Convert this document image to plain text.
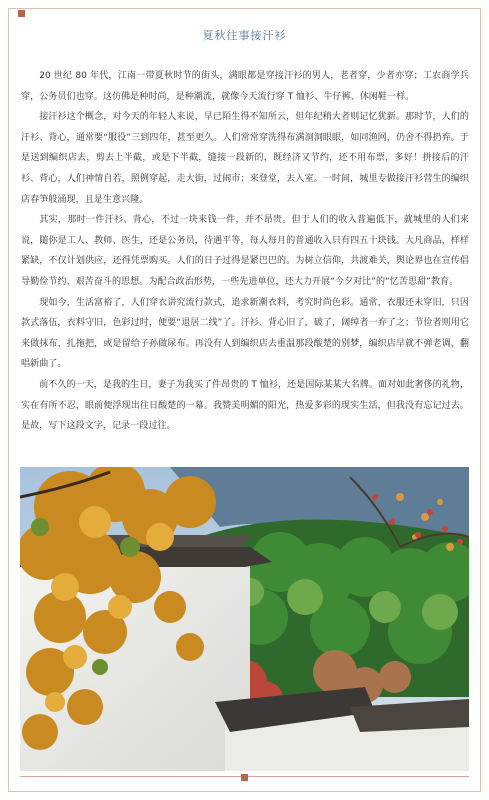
夏秋往事接汗衫

20 世纪 80 年代，江南一带夏秋时节的街头，满眼都是穿接汗衫的男人，老者穿，少者亦穿；工农商学兵穿，公务员们也穿。这仿佛是种时尚，是种潮流，就像今天流行穿 T 恤衫、牛仔裤、休闲鞋一样。

接汗衫这个概念，对今天的年轻人来说，早已陌生得不知所云，但年纪稍大者则记忆犹新。那时节，人们的汗衫、背心，通常要“服役”三到四年，甚至更久。人们常常穿洗得布满洞洞眼眼，如同渔网，仍舍不得扔弃。于是送到编织店去，剪去上半截，或是下半截，缝接一段新的，既经济又节约，还不用布票，多好！拼接后的汗衫、背心，人们神情自若，照例穿起，走大街，过闹市；来登堂，去入室。一时间，城里专做接汗衫营生的编织店春笋般涌现，且是生意兴隆。

其实，那时一件汗衫、背心，不过一块来钱一件，并不昂贵。但于人们的收入普遍低下，就城里的人们来说，随你是工人、教师、医生，还是公务员，待遇平等，每人每月的普通收入只有四五十块钱。大凡商品，样样紧缺，不仅计划供应，还得凭票购买。人们的日子过得是紧巴巴的。为树立信仰，共渡难关，舆论界也在宣传倡导勤俭节约、艰苦奋斗的思想。为配合政治形势，一些先进单位，还大力开展“今夕对比”的“忆苦思甜”教育。

现如今，生活富裕了，人们穿衣讲究流行款式，追求新潮衣料，考究时尚色彩。通常，衣服还未穿旧，只因款式落伍，衣料守旧，色彩过时，便要“退居二线”了。汗衫、背心旧了，破了，阔绰者一弃了之；节俭者则用它来做抹布，扎拖把，或是留给子孙做尿布。再没有人到编织店去重温那段酸楚的别梦，编织店早就不弹老调，翻唱新曲了。

前不久的一天，是我的生日，妻子为我买了件昂贵的 T 恤衫，还是国际某某大名牌。面对如此奢侈的礼物，实在有所不忍，眼前便浮现出往日酸楚的一幕。我赞美明媚的阳光，热爱多彩的现实生活，但我没有忘记过去。是故，写下这段文字，记录一段过往。
